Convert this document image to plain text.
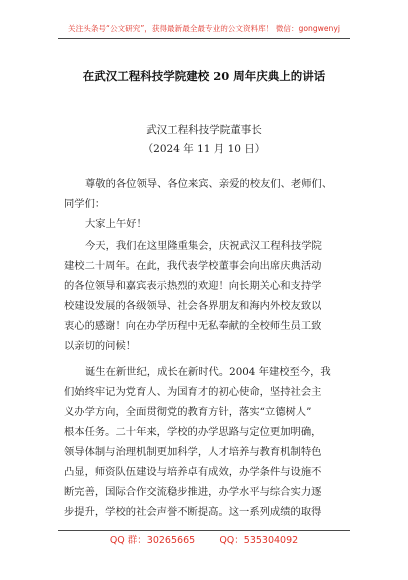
关注头条号“公文研究”，获得最新最全最专业的公文资料库！ 微信：gongwenyj
在武汉工程科技学院建校 20 周年庆典上的讲话
武汉工程科技学院董事长
（2024 年 11 月 10 日）
尊敬的各位领导、各位来宾、亲爱的校友们、老师们、
同学们：
大家上午好！
今天，我们在这里隆重集会，庆祝武汉工程科技学院
建校二十周年。在此，我代表学校董事会向出席庆典活动
的各位领导和嘉宾表示热烈的欢迎！向长期关心和支持学
校建设发展的各级领导、社会各界朋友和海内外校友致以
衷心的感谢！向在办学历程中无私奉献的全校师生员工致
以亲切的问候！
诞生在新世纪，成长在新时代。2004 年建校至今，我
们始终牢记为党育人、为国育才的初心使命，坚持社会主
义办学方向，全面贯彻党的教育方针，落实“立德树人”
根本任务。二十年来，学校的办学思路与定位更加明确，
领导体制与治理机制更加科学，人才培养与教育机制特色
凸显，师资队伍建设与培养卓有成效，办学条件与设施不
断完善，国际合作交流稳步推进，办学水平与综合实力逐
步提升，学校的社会声誉不断提高。这一系列成绩的取得
QQ 群：30265665        QQ：535304092
